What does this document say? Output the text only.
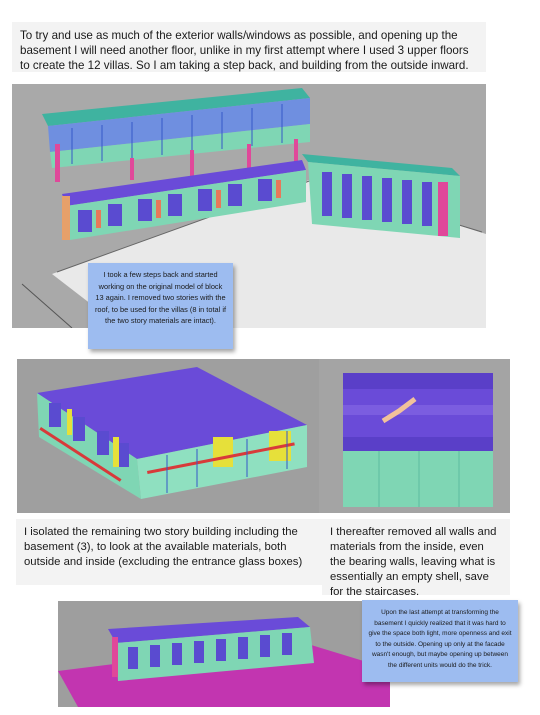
To try and use as much of the exterior walls/windows as possible, and opening up the basement I will need another floor, unlike in my first attempt where I used 3 upper floors to create the 12 villas. So I am taking a step back, and building from the outside inward.

I took a few steps back and started working on the original model of block 13 again. I removed two stories with the roof, to be used for the villas (8 in total if the two story materials are intact).

I isolated the remaining two story building including the basement (3), to look at the available materials, both outside and inside (excluding the entrance glass boxes)

I thereafter removed all walls and materials from the inside, even the bearing walls, leaving what is essentially an empty shell, save for the staircases.

Upon the last attempt at transforming the basement I quickly realized that it was hard to give the space both light, more openness and exit to the outside. Opening up only at the facade wasn't enough, but maybe opening up between the different units would do the trick.
